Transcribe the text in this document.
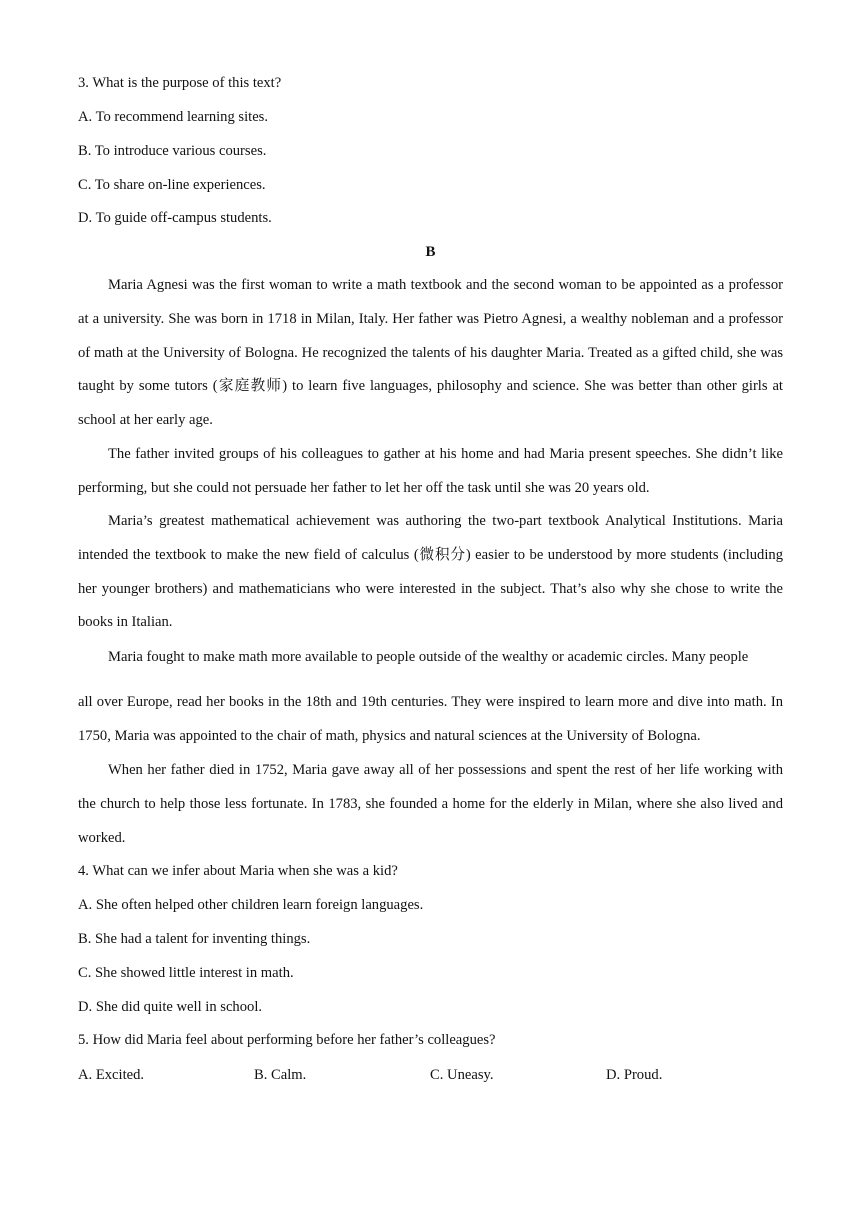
3. What is the purpose of this text?
A. To recommend learning sites.
B. To introduce various courses.
C. To share on-line experiences.
D. To guide off-campus students.
B

Maria Agnesi was the first woman to write a math textbook and the second woman to be appointed as a professor at a university. She was born in 1718 in Milan, Italy. Her father was Pietro Agnesi, a wealthy nobleman and a professor of math at the University of Bologna. He recognized the talents of his daughter Maria. Treated as a gifted child, she was taught by some tutors (家庭教师) to learn five languages, philosophy and science. She was better than other girls at school at her early age.

The father invited groups of his colleagues to gather at his home and had Maria present speeches. She didn’t like performing, but she could not persuade her father to let her off the task until she was 20 years old.

Maria’s greatest mathematical achievement was authoring the two-part textbook Analytical Institutions. Maria intended the textbook to make the new field of calculus (微积分) easier to be understood by more students (including her younger brothers) and mathematicians who were interested in the subject. That’s also why she chose to write the books in Italian.

Maria fought to make math more available to people outside of the wealthy or academic circles. Many people

all over Europe, read her books in the 18th and 19th centuries. They were inspired to learn more and dive into math. In 1750, Maria was appointed to the chair of math, physics and natural sciences at the University of Bologna.

When her father died in 1752, Maria gave away all of her possessions and spent the rest of her life working with the church to help those less fortunate. In 1783, she founded a home for the elderly in Milan, where she also lived and worked.

4. What can we infer about Maria when she was a kid?
A. She often helped other children learn foreign languages.
B. She had a talent for inventing things.
C. She showed little interest in math.
D. She did quite well in school.
5. How did Maria feel about performing before her father’s colleagues?
A. Excited.	B. Calm.	C. Uneasy.	D. Proud.
